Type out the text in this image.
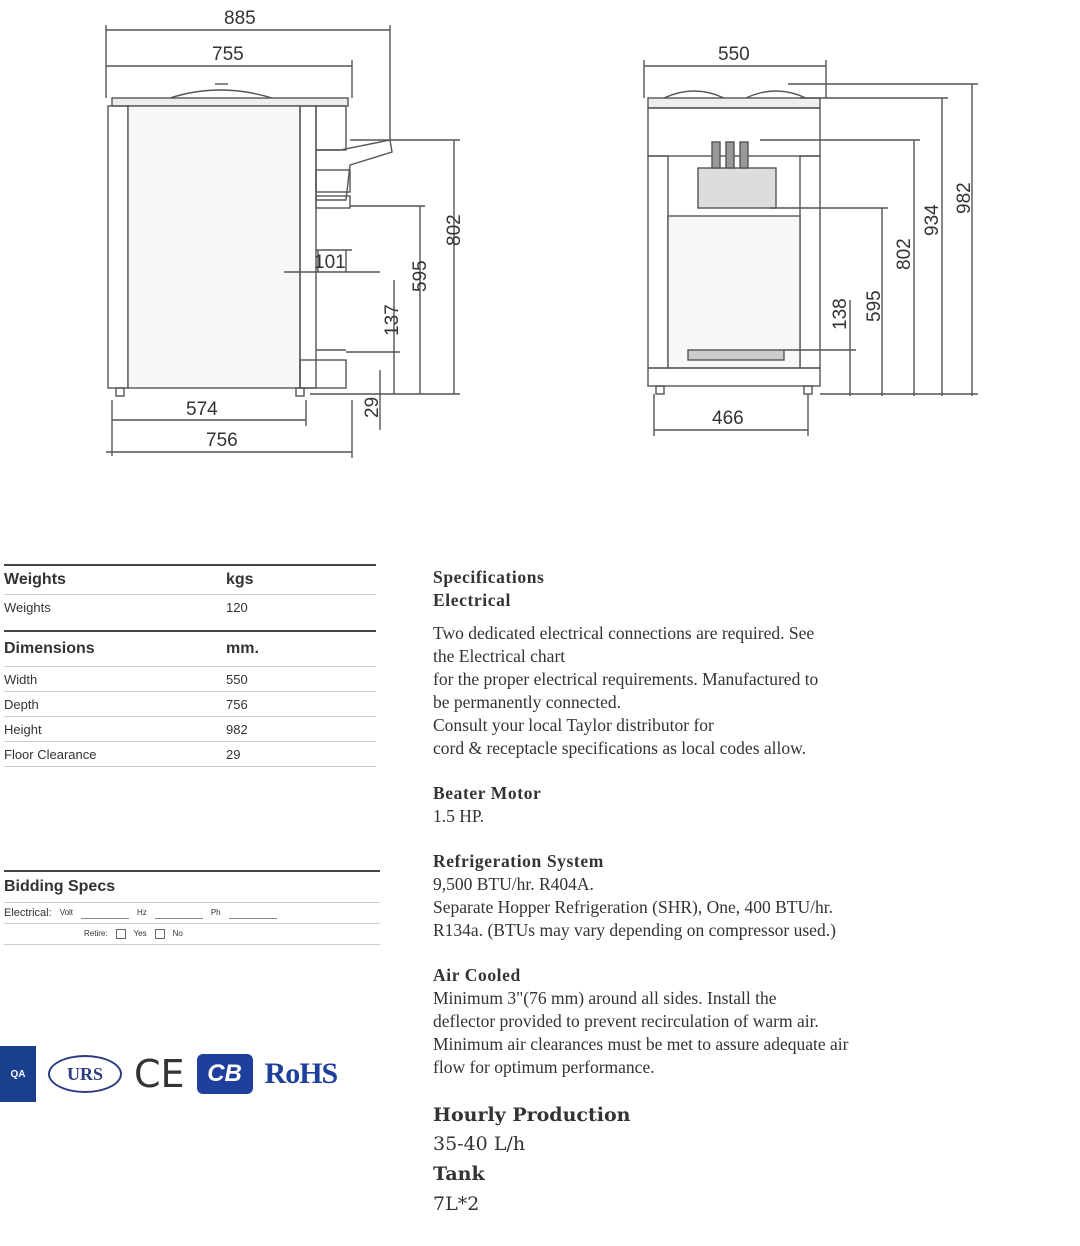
885
755
802
595
101
137
29
574
756
550
982
934
802
595
138
466
Weights	kgs
Weights	120
Dimensions	mm.
Width	550
Depth	756
Height	982
Floor Clearance	29
Bidding Specs
Electrical: Volt	Hz	Ph
Retire:	Yes	No
QA	URS CE CB RoHS

Specifications

Electrical

Two dedicated electrical connections are required. See

the Electrical chart

for the proper electrical requirements. Manufactured to

be permanently connected.

Consult your local Taylor distributor for

cord & receptacle specifications as local codes allow.

Beater Motor

1.5 HP.

Refrigeration System

9,500 BTU/hr. R404A.

Separate Hopper Refrigeration (SHR), One, 400 BTU/hr.

R134a. (BTUs may vary depending on compressor used.)

Air Cooled

Minimum 3"(76 mm) around all sides. Install the

deflector provided to prevent recirculation of warm air.

Minimum air clearances must be met to assure adequate air

flow for optimum performance.

Hourly Production

35-40 L/h

Tank

7L*2
